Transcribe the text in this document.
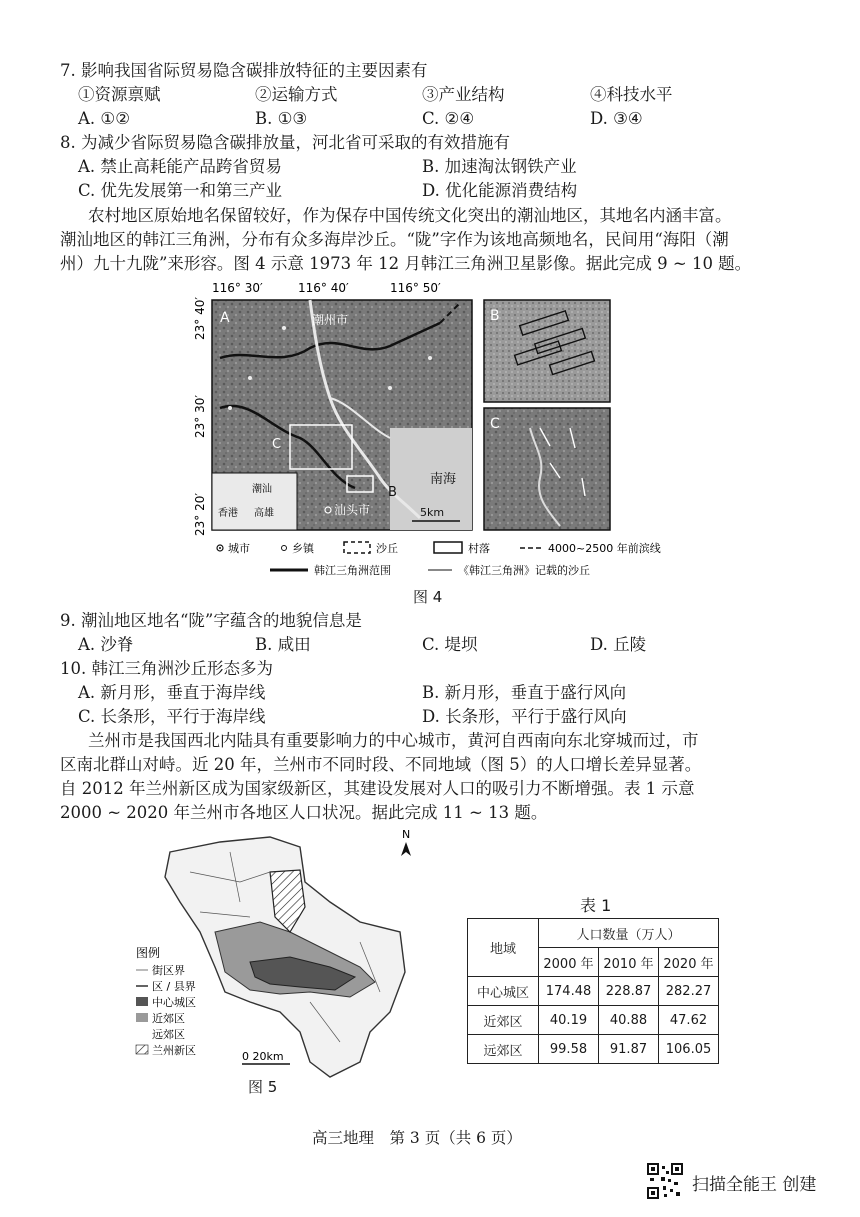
7. 影响我国省际贸易隐含碳排放特征的主要因素有
①资源禀赋	②运输方式	③产业结构	④科技水平
A. ①②	B. ①③	C. ②④	D. ③④
8. 为减少省际贸易隐含碳排放量，河北省可采取的有效措施有
A. 禁止高耗能产品跨省贸易	B. 加速淘汰钢铁产业
C. 优先发展第一和第三产业	D. 优化能源消费结构
农村地区原始地名保留较好，作为保存中国传统文化突出的潮汕地区，其地名内涵丰富。
潮汕地区的韩江三角洲，分布有众多海岸沙丘。“陇”字作为该地高频地名，民间用“海阳（潮
州）九十九陇”来形容。图 4 示意 1973 年 12 月韩江三角洲卫星影像。据此完成 9 ~ 10 题。
116° 30′	116° 40′	116° 50′
23° 40′
23° 30′
23° 20′
A	潮州市
C
B
南海
潮汕
香港 高雄	汕头市	5km
B
C
城市	乡镇	沙丘	村落	4000~2500 年前滨线
韩江三角洲范围	《韩江三角洲》记载的沙丘
图 4
9. 潮汕地区地名“陇”字蕴含的地貌信息是
A. 沙脊	B. 咸田	C. 堤坝	D. 丘陵
10. 韩江三角洲沙丘形态多为
A. 新月形，垂直于海岸线	B. 新月形，垂直于盛行风向
C. 长条形，平行于海岸线	D. 长条形，平行于盛行风向
兰州市是我国西北内陆具有重要影响力的中心城市，黄河自西南向东北穿城而过，市
区南北群山对峙。近 20 年，兰州市不同时段、不同地域（图 5）的人口增长差异显著。
自 2012 年兰州新区成为国家级新区，其建设发展对人口的吸引力不断增强。表 1 示意
2000 ~ 2020 年兰州市各地区人口状况。据此完成 11 ~ 13 题。
N
图例
街区界
区 / 县界
中心城区
近郊区
远郊区
兰州新区	0 20km
图 5
表 1
地域	人口数量（万人）		
	2000 年	2010 年	2020 年
中心城区	174.48	228.87	282.27
近郊区	40.19	40.88	47.62
远郊区	99.58	91.87	106.05
高三地理　第 3 页（共 6 页）
扫描全能王 创建
